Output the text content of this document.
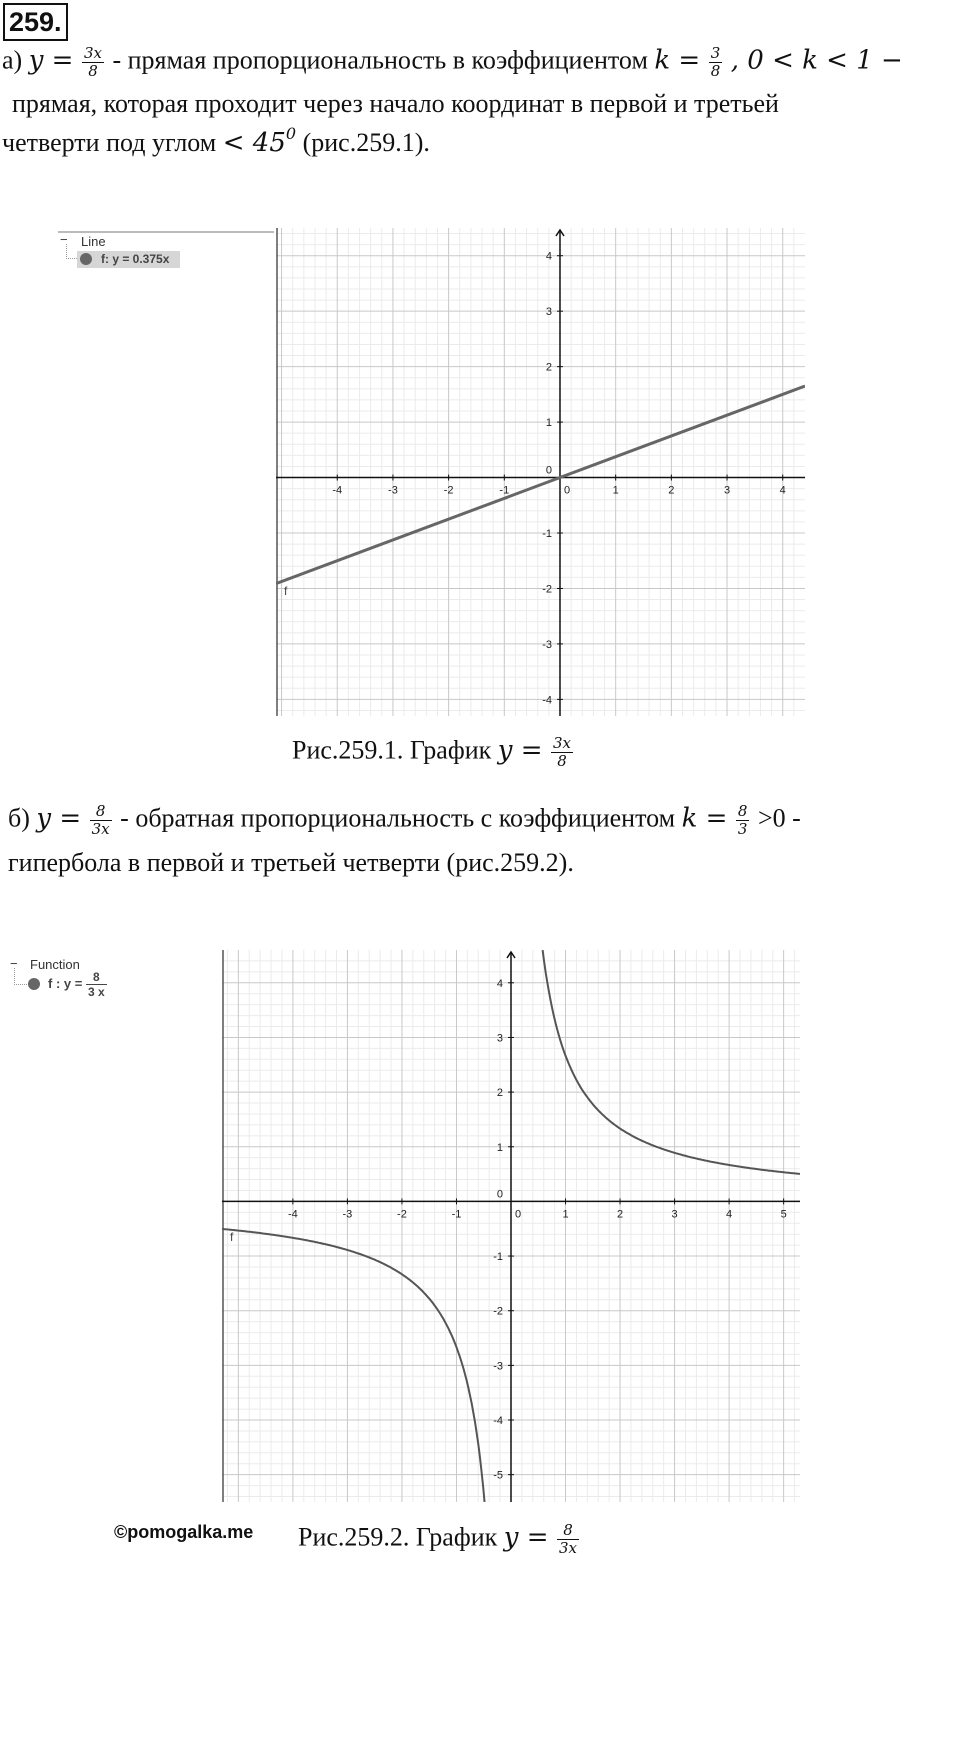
259.
а) $y = \frac{3x}{8}$ - прямая пропорциональность в коэффициентом $k = \frac{3}{8}$ , 0 < k < 1 −
прямая, которая проходит через начало координат в первой и третьей
четверти под углом < $45^0$ (рис.259.1).
− Line
f: y = 0.375x
-4	-3	-2	-1	0	1	2	3	4
-4
-3
-2
-1
0
1
2
3
4
f
Рис.259.1. График $y = \frac{3x}{8}$
б) $y = \frac{8}{3x}$ - обратная пропорциональность с коэффициентом $k = \frac{8}{3} >0$ -
гипербола в первой и третьей четверти (рис.259.2).
− Function
f : $y = \frac{8}{3 x}$
-4	-3	-2	-1	0	1	2	3	4	5
-5
-4
-3
-2
-1
0
1
2
3
4
f
©pomogalka.me Рис.259.2. График $y = \frac{8}{3x}$
